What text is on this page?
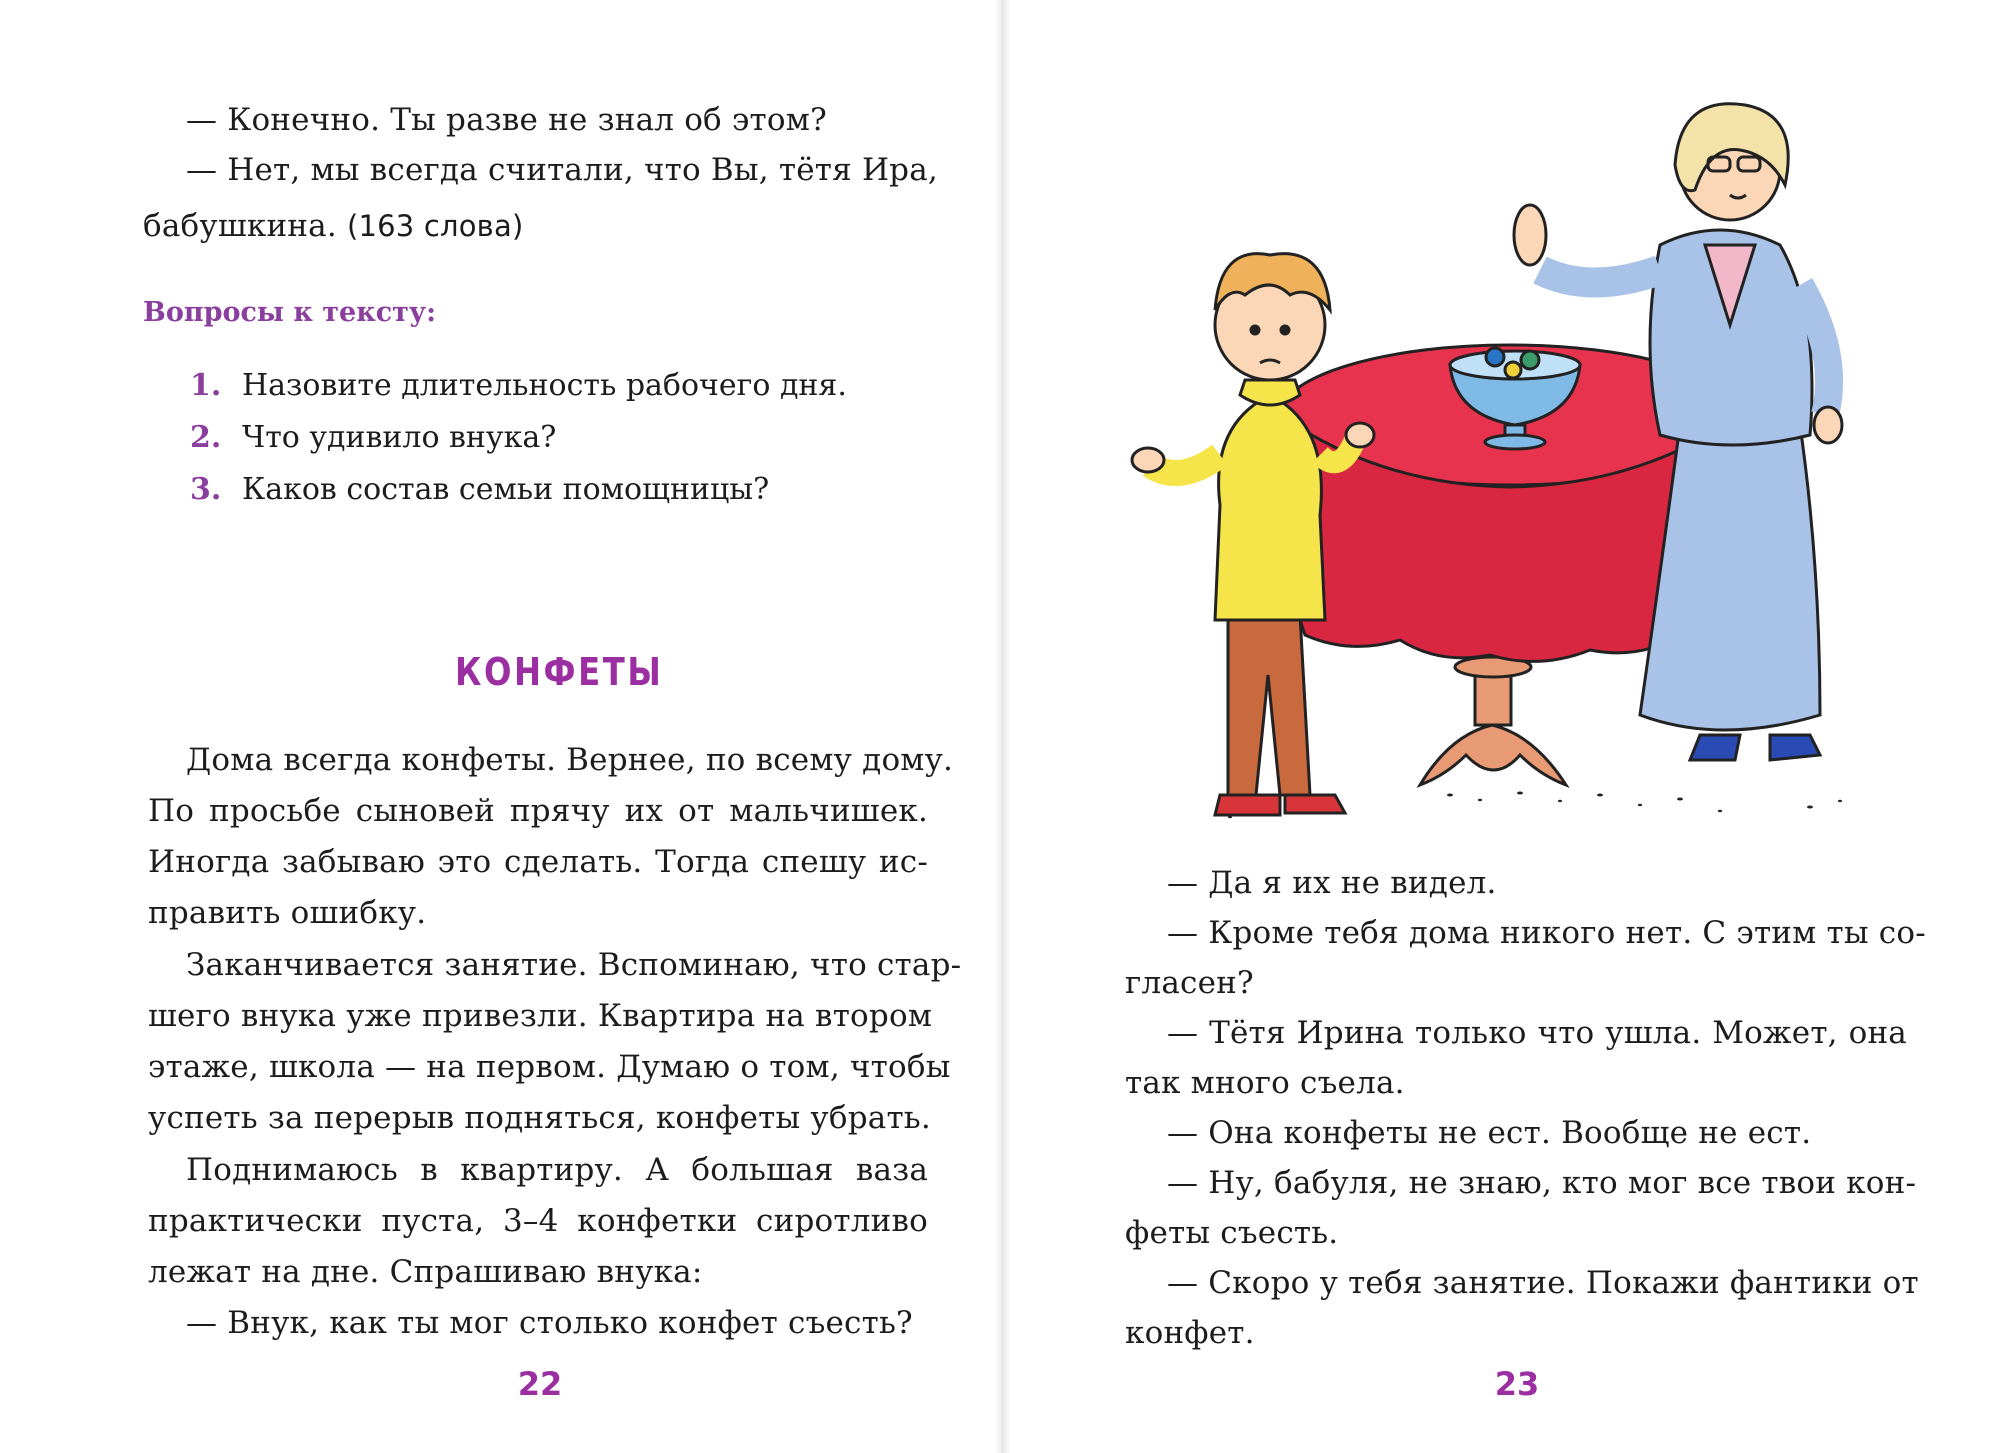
— Конечно. Ты разве не знал об этом?
— Нет, мы всегда считали, что Вы, тётя Ира,
бабушкина. (163 слова)
Вопросы к тексту:
1. Назовите длительность рабочего дня.
2. Что удивило внука?
3. Каков состав семьи помощницы?
КОНФЕТЫ
Дома всегда конфеты. Вернее, по всему дому.
По просьбе сыновей прячу их от мальчишек.
Иногда забываю это сделать. Тогда спешу ис-
править ошибку.
Заканчивается занятие. Вспоминаю, что стар-
шего внука уже привезли. Квартира на втором
этаже, школа — на первом. Думаю о том, чтобы
успеть за перерыв подняться, конфеты убрать.
Поднимаюсь в квартиру. А большая ваза
практически пуста, 3–4 конфетки сиротливо
лежат на дне. Спрашиваю внука:
— Внук, как ты мог столько конфет съесть?
22
— Да я их не видел.
— Кроме тебя дома никого нет. С этим ты со-
гласен?
— Тётя Ирина только что ушла. Может, она
так много съела.
— Она конфеты не ест. Вообще не ест.
— Ну, бабуля, не знаю, кто мог все твои кон-
феты съесть.
— Скоро у тебя занятие. Покажи фантики от
конфет.
23
